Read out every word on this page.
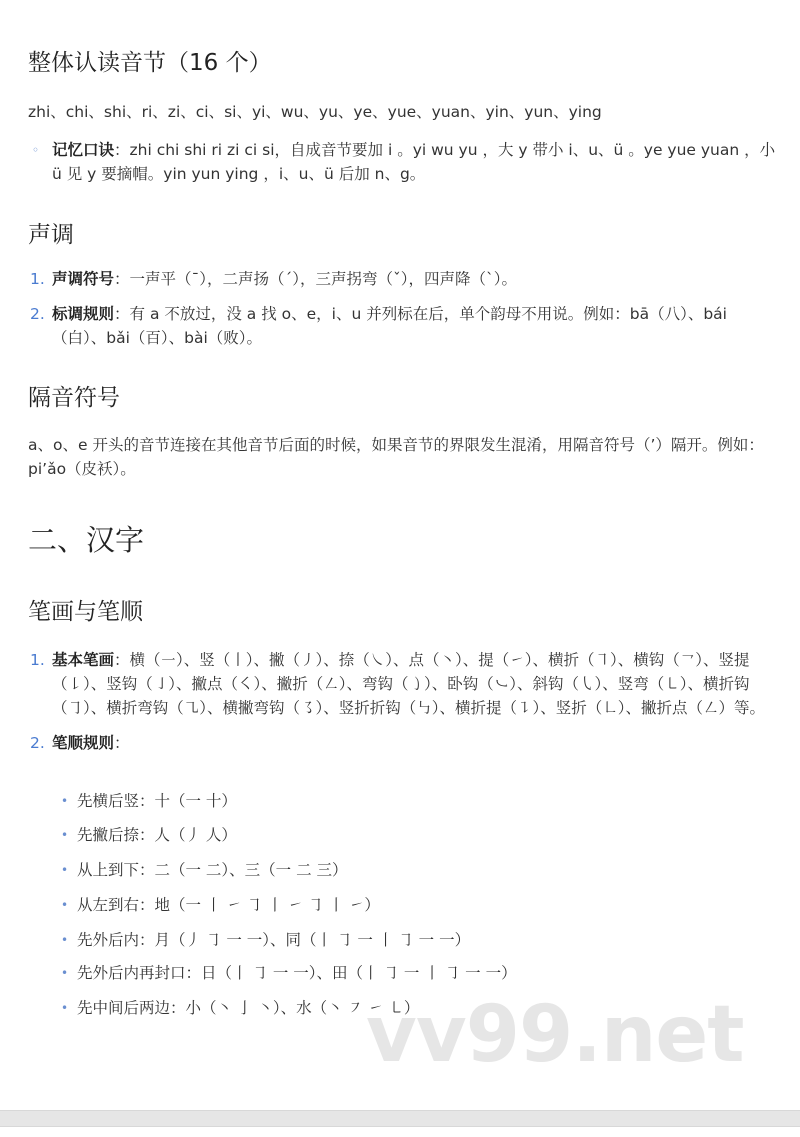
整体认读音节（16 个）

zhi、chi、shi、ri、zi、ci、si、yi、wu、yu、ye、yue、yuan、yin、yun、ying

◦ 记忆口诀：zhi chi shi ri zi ci si，自成音节要加 i 。yi wu yu ，大 y 带小 i、u、ü 。ye yue yuan ，小 ü 见 y 要摘帽。yin yun ying ，i、u、ü 后加 n、g。
声调
1. 声调符号：一声平（ˉ），二声扬（ˊ），三声拐弯（ˇ），四声降（ˋ）。
2. 标调规则：有 a 不放过，没 a 找 o、e，i、u 并列标在后，单个韵母不用说。例如：bā（八）、bái（白）、bǎi（百）、bài（败）。
隔音符号

a、o、e 开头的音节连接在其他音节后面的时候，如果音节的界限发生混淆，用隔音符号（’）隔开。例如：pi’ǎo（皮袄）。

二、汉字
笔画与笔顺
1. 基本笔画：横（㇐）、竖（㇑）、撇（㇓）、捺（㇏）、点（㇔）、提（㇀）、横折（㇕）、横钩（㇖）、竖提（㇙）、竖钩（㇚）、撇点（㇛）、撇折（㇜）、弯钩（㇁）、卧钩（㇃）、斜钩（㇂）、竖弯（㇄）、横折钩（㇆）、横折弯钩（㇈）、横撇弯钩（㇌）、竖折折钩（㇉）、横折提（㇊）、竖折（㇗）、撇折点（㇜）等。
2. 笔顺规则：
• 先横后竖：十（一 十）
• 先撇后捺：人（丿 人）
• 从上到下：二（一 二）、三（一 二 三）
• 从左到右：地（一 丨 ㇀ ㇆ 丨 ㇀ ㇆ 丨 ㇀）
• 先外后内：月（丿 ㇆ 一 一）、同（丨 ㇆ 一 丨 ㇆ 一 一）
• 先外后内再封口：日（丨 ㇆ 一 一）、田（丨 ㇆ 一 丨 ㇆ 一 一）
• 先中间后两边：小（㇔ 亅 ㇔）、水（㇔ ㇇ ㇀ ㇄）
vv99.net
